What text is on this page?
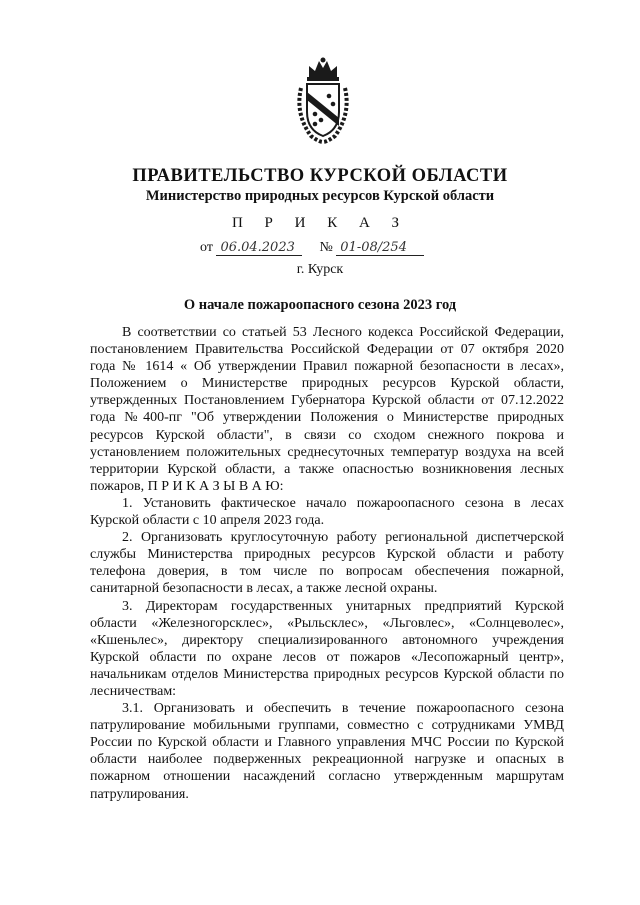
ПРАВИТЕЛЬСТВО КУРСКОЙ ОБЛАСТИ
Министерство природных ресурсов Курской области
П Р И К А З
от 06.04.2023 № 01-08/254
г. Курск
О начале пожароопасного сезона 2023 год

В соответствии со статьей 53 Лесного кодекса Российской Федерации, постановлением Правительства Российской Федерации от 07 октября 2020 года № 1614 « Об утверждении Правил пожарной безопасности в лесах», Положением о Министерстве природных ресурсов Курской области, утвержденных Постановлением Губернатора Курской области от 07.12.2022 года №400-пг "Об утверждении Положения о Министерстве природных ресурсов Курской области", в связи со сходом снежного покрова и установлением положительных среднесуточных температур воздуха на всей территории Курской области, а также опасностью возникновения лесных пожаров, П Р И К А З Ы В А Ю:

1. Установить фактическое начало пожароопасного сезона в лесах Курской области с 10 апреля 2023 года.

2. Организовать круглосуточную работу региональной диспетчерской службы Министерства природных ресурсов Курской области и работу телефона доверия, в том числе по вопросам обеспечения пожарной, санитарной безопасности в лесах, а также лесной охраны.

3. Директорам государственных унитарных предприятий Курской области «Железногорсклес», «Рыльсклес», «Льговлес», «Солнцеволес», «Кшеньлес», директору специализированного автономного учреждения Курской области по охране лесов от пожаров «Лесопожарный центр», начальникам отделов Министерства природных ресурсов Курской области по лесничествам:

3.1. Организовать и обеспечить в течение пожароопасного сезона патрулирование мобильными группами, совместно с сотрудниками УМВД России по Курской области и Главного управления МЧС России по Курской области наиболее подверженных рекреационной нагрузке и опасных в пожарном отношении насаждений согласно утвержденным маршрутам патрулирования.
